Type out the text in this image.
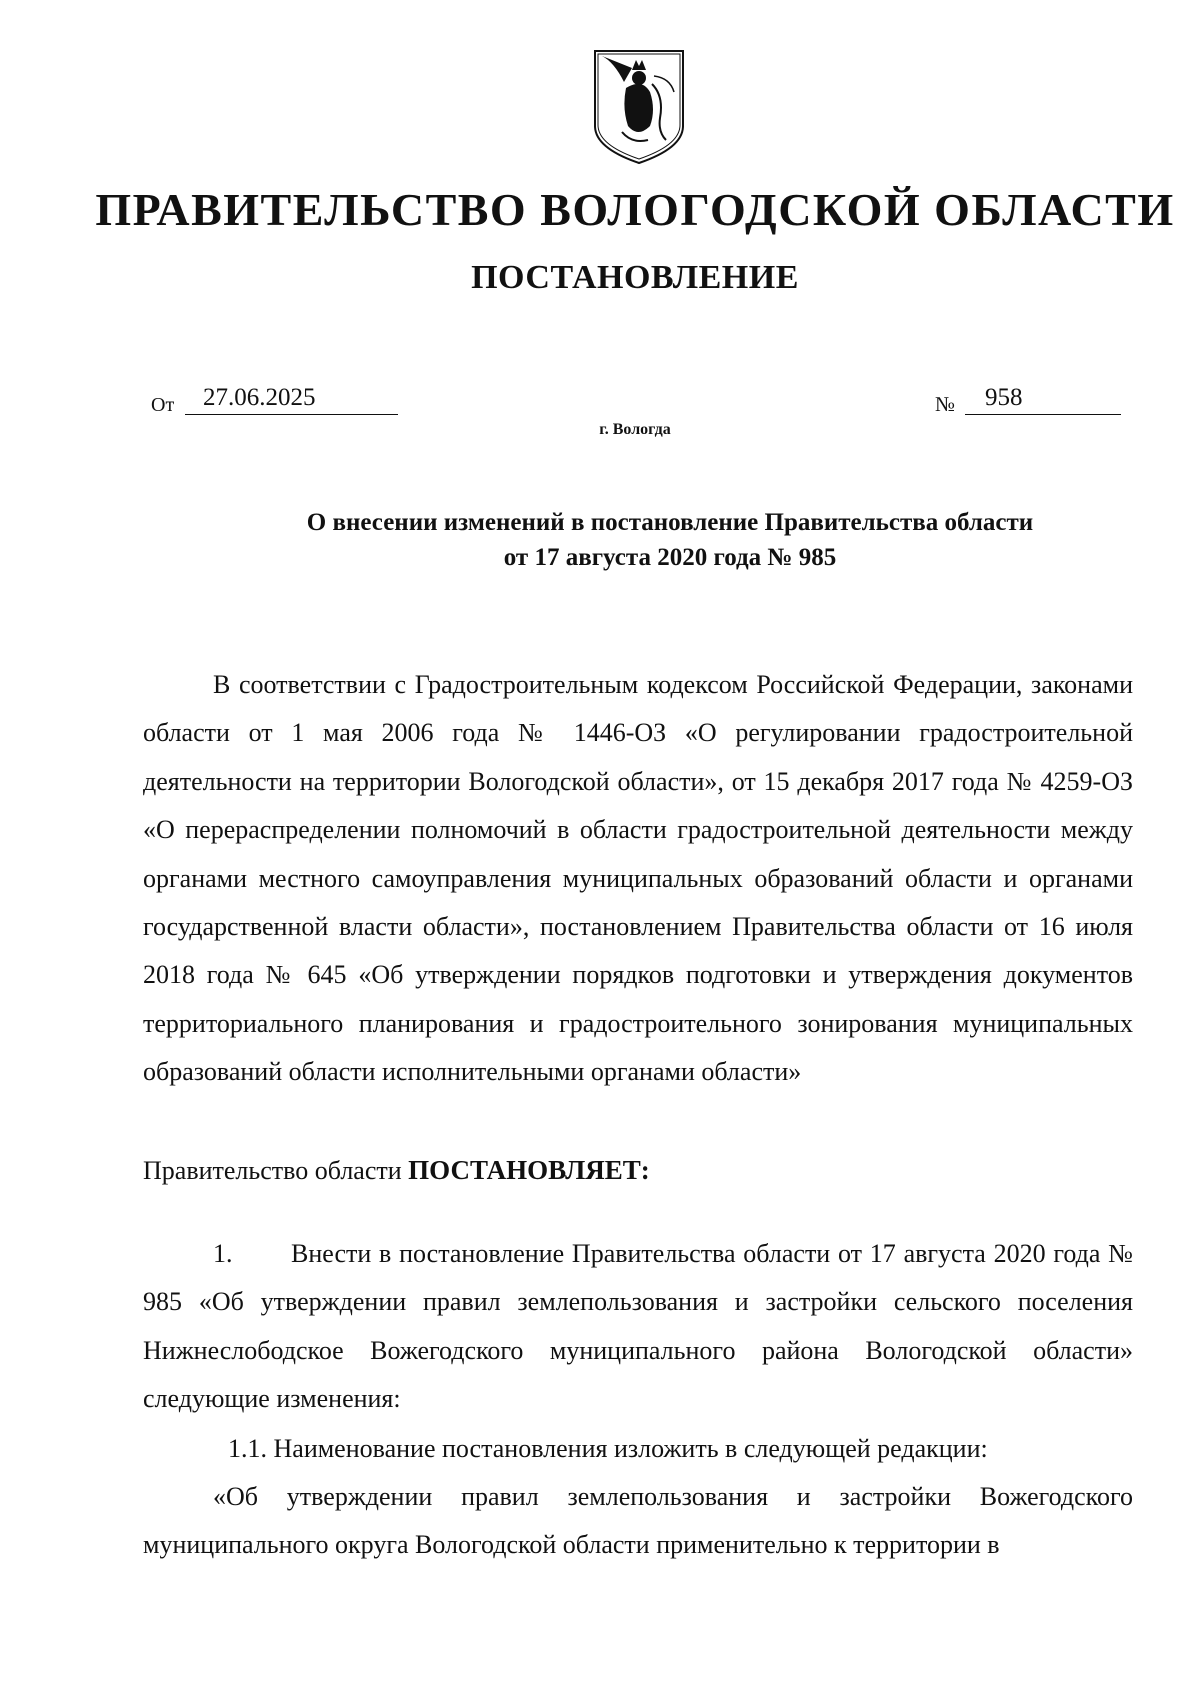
ПРАВИТЕЛЬСТВО ВОЛОГОДСКОЙ ОБЛАСТИ
ПОСТАНОВЛЕНИЕ
От	27.06.2025	№	958
г. Вологда
О внесении изменений в постановление Правительства области
от 17 августа 2020 года № 985
В соответствии с Градостроительным кодексом Российской Федерации, законами области от 1 мая 2006 года № 1446-ОЗ «О регулировании градостроительной деятельности на территории Вологодской области», от 15 декабря 2017 года № 4259-ОЗ «О перераспределении полномочий в области градостроительной деятельности между органами местного самоуправления муниципальных образований области и органами государственной власти области», постановлением Правительства области от 16 июля 2018 года № 645 «Об утверждении порядков подготовки и утверждения документов территориального планирования и градостроительного зонирования муниципальных образований области исполнительными органами области»
Правительство области ПОСТАНОВЛЯЕТ:
1. Внести в постановление Правительства области от 17 августа 2020 года № 985 «Об утверждении правил землепользования и застройки сельского поселения Нижнеслободское Вожегодского муниципального района Вологодской области» следующие изменения:
1.1. Наименование постановления изложить в следующей редакции:
«Об утверждении правил землепользования и застройки Вожегодского муниципального округа Вологодской области применительно к территории в
